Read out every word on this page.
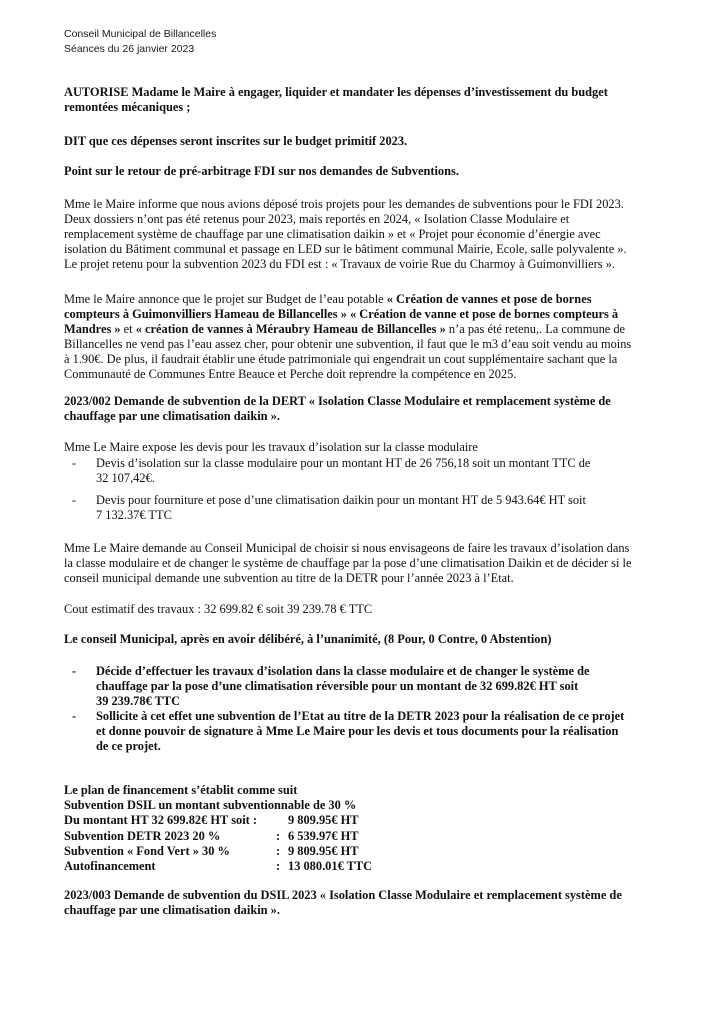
Conseil Municipal de Billancelles
Séances du 26 janvier 2023
AUTORISE Madame le Maire à engager, liquider et mandater les dépenses d’investissement du budget
remontées mécaniques ;
DIT que ces dépenses seront inscrites sur le budget primitif 2023.
Point sur le retour de pré-arbitrage FDI sur nos demandes de Subventions.
Mme le Maire informe que nous avions déposé trois projets pour les demandes de subventions pour le FDI 2023.
Deux dossiers n’ont pas été retenus pour 2023, mais reportés en 2024, « Isolation Classe Modulaire et
remplacement système de chauffage par une climatisation daikin » et « Projet pour économie d’énergie avec
isolation du Bâtiment communal et passage en LED sur le bâtiment communal Mairie, Ecole, salle polyvalente ».
Le projet retenu pour la subvention 2023 du FDI est : « Travaux de voirie Rue du Charmoy à Guimonvilliers ».
Mme le Maire annonce que le projet sur Budget de l’eau potable « Création de vannes et pose de bornes
compteurs à Guimonvilliers Hameau de Billancelles » « Création de vanne et pose de bornes compteurs à
Mandres » et « création de vannes à Méraubry Hameau de Billancelles » n’a pas été retenu,. La commune de
Billancelles ne vend pas l’eau assez cher, pour obtenir une subvention, il faut que le m3 d’eau soit vendu au moins
à 1.90€. De plus, il faudrait établir une étude patrimoniale qui engendrait un cout supplémentaire sachant que la
Communauté de Communes Entre Beauce et Perche doit reprendre la compétence en 2025.
2023/002 Demande de subvention de la DERT « Isolation Classe Modulaire et remplacement système de
chauffage par une climatisation daikin ».
Mme Le Maire expose les devis pour les travaux d’isolation sur la classe modulaire
- Devis d’isolation sur la classe modulaire pour un montant HT de 26 756,18 soit un montant TTC de
32 107,42€.
- Devis pour fourniture et pose d’une climatisation daikin pour un montant HT de 5 943.64€ HT soit
7 132.37€ TTC
Mme Le Maire demande au Conseil Municipal de choisir si nous envisageons de faire les travaux d’isolation dans
la classe modulaire et de changer le système de chauffage par la pose d’une climatisation Daikin et de décider si le
conseil municipal demande une subvention au titre de la DETR pour l’année 2023 à l’Etat.
Cout estimatif des travaux : 32 699.82 € soit 39 239.78 € TTC
Le conseil Municipal, après en avoir délibéré, à l’unanimité, (8 Pour, 0 Contre, 0 Abstention)
- Décide d’effectuer les travaux d’isolation dans la classe modulaire et de changer le système de
chauffage par la pose d’une climatisation réversible pour un montant de 32 699.82€ HT soit
39 239.78€ TTC
- Sollicite à cet effet une subvention de l’Etat au titre de la DETR 2023 pour la réalisation de ce projet
et donne pouvoir de signature à Mme Le Maire pour les devis et tous documents pour la réalisation
de ce projet.
Le plan de financement s’établit comme suit
Subvention DSIL un montant subventionnable de 30 %
Du montant HT 32 699.82€ HT soit :	9 809.95€ HT
Subvention DETR 2023 20 %	: 6 539.97€ HT
Subvention « Fond Vert » 30 %	: 9 809.95€ HT
Autofinancement	: 13 080.01€ TTC
2023/003 Demande de subvention du DSIL 2023 « Isolation Classe Modulaire et remplacement système de
chauffage par une climatisation daikin ».
